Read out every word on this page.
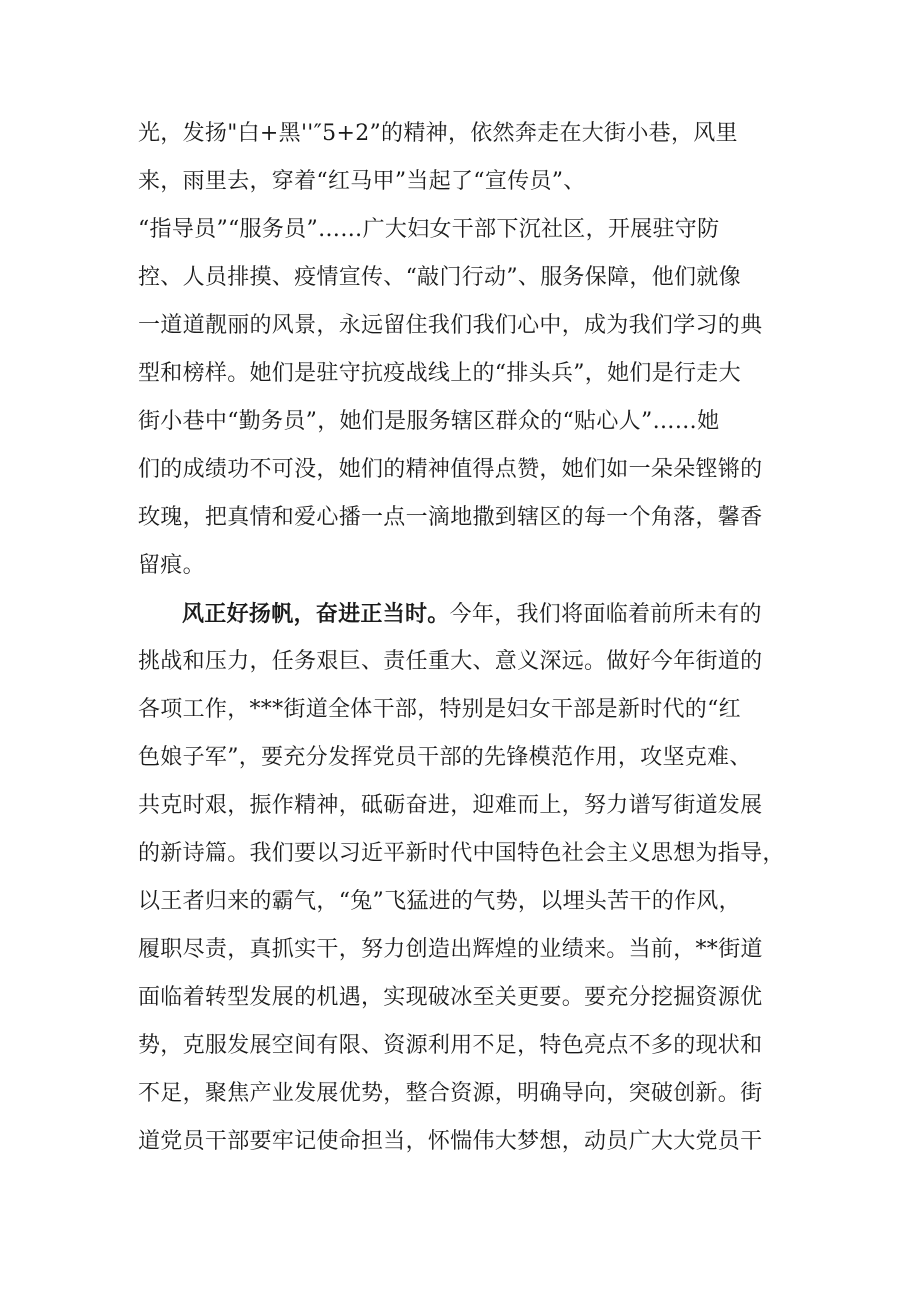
光，发扬"白+黑''″5+2”的精神，依然奔走在大街小巷，风里
来，雨里去，穿着“红马甲”当起了“宣传员”、
“指导员”“服务员”……广大妇女干部下沉社区，开展驻守防
控、人员排摸、疫情宣传、“敲门行动”、服务保障，他们就像
一道道靓丽的风景，永远留住我们我们心中，成为我们学习的典
型和榜样。她们是驻守抗疫战线上的“排头兵”，她们是行走大
街小巷中“勤务员”，她们是服务辖区群众的“贴心人”……她
们的成绩功不可没，她们的精神值得点赞，她们如一朵朵铿锵的
玫瑰，把真情和爱心播一点一滴地撒到辖区的每一个角落，馨香
留痕。
风正好扬帆，奋进正当时。今年，我们将面临着前所未有的
挑战和压力，任务艰巨、责任重大、意义深远。做好今年街道的
各项工作，***街道全体干部，特别是妇女干部是新时代的“红
色娘子军”，要充分发挥党员干部的先锋模范作用，攻坚克难、
共克时艰，振作精神，砥砺奋进，迎难而上，努力谱写街道发展
的新诗篇。我们要以习近平新时代中国特色社会主义思想为指导，
以王者归来的霸气，“兔”飞猛进的气势，以埋头苦干的作风，
履职尽责，真抓实干，努力创造出辉煌的业绩来。当前，**街道
面临着转型发展的机遇，实现破冰至关更要。要充分挖掘资源优
势，克服发展空间有限、资源利用不足，特色亮点不多的现状和
不足，聚焦产业发展优势，整合资源，明确导向，突破创新。街
道党员干部要牢记使命担当，怀惴伟大梦想，动员广大大党员干
